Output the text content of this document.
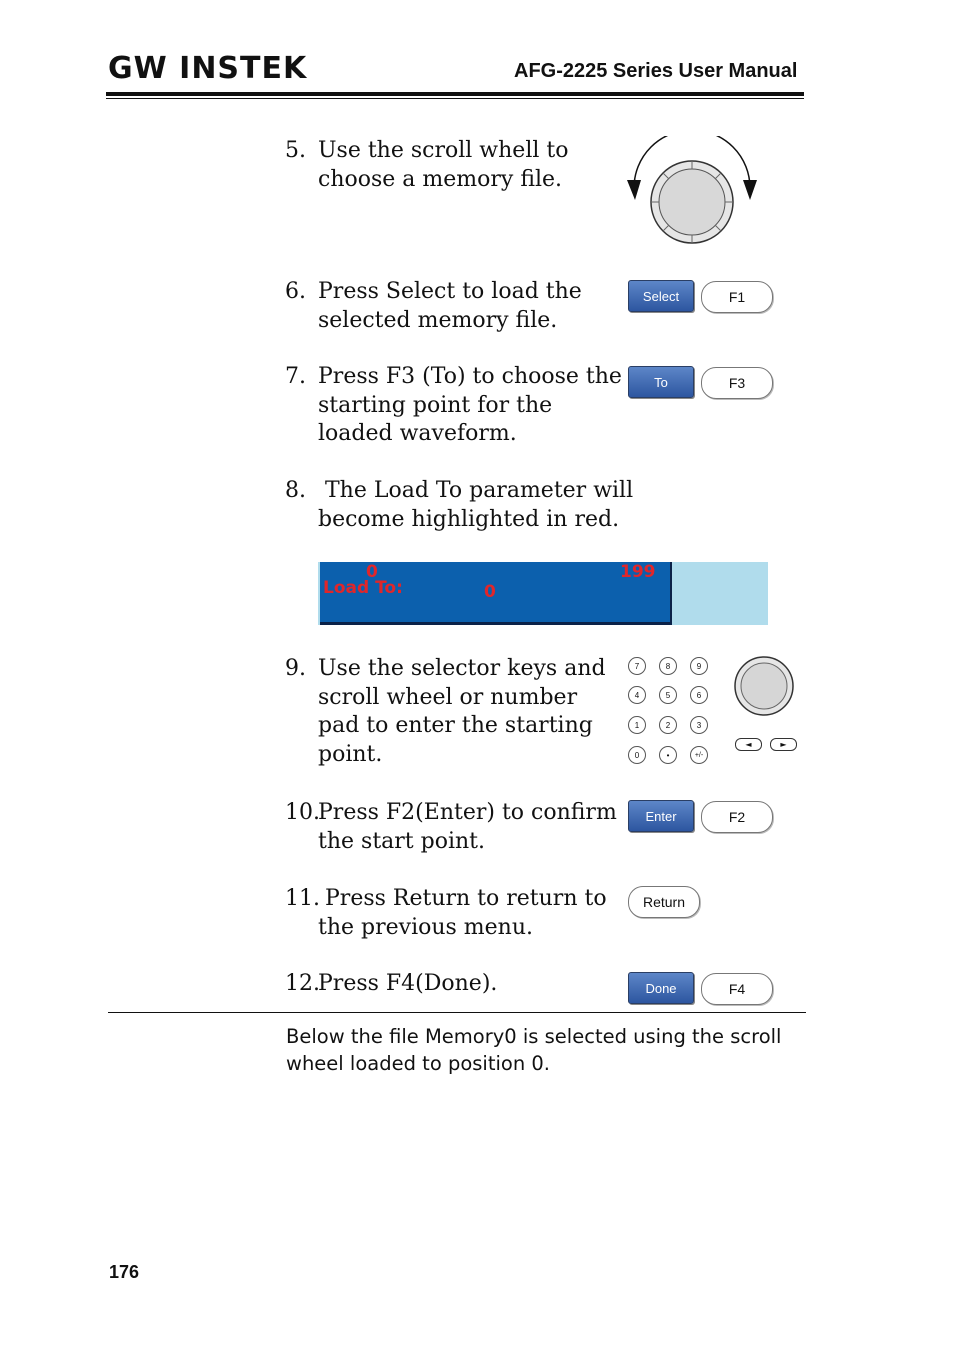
GW INSTEK	AFG-2225 Series User Manual
5. Use the scroll whell to choose a memory file.
6. Press Select to load the selected memory file.
Select	F1
7. Press F3 (To) to choose the starting point for the loaded waveform.
To	F3
8. The Load To parameter will become highlighted in red.
0	199
Load To:	0
9. Use the selector keys and scroll wheel or number pad to enter the starting point.
7	8	9
4	5	6
1	2	3
0	•	+/-
◄	►
10.
Press F2(Enter) to confirm the start point.
Enter	F2
11.
Press Return to return to the previous menu.
Return
12.
Press F4(Done).	Done	F4
Below the file Memory0 is selected using the scroll wheel loaded to position 0.
176
